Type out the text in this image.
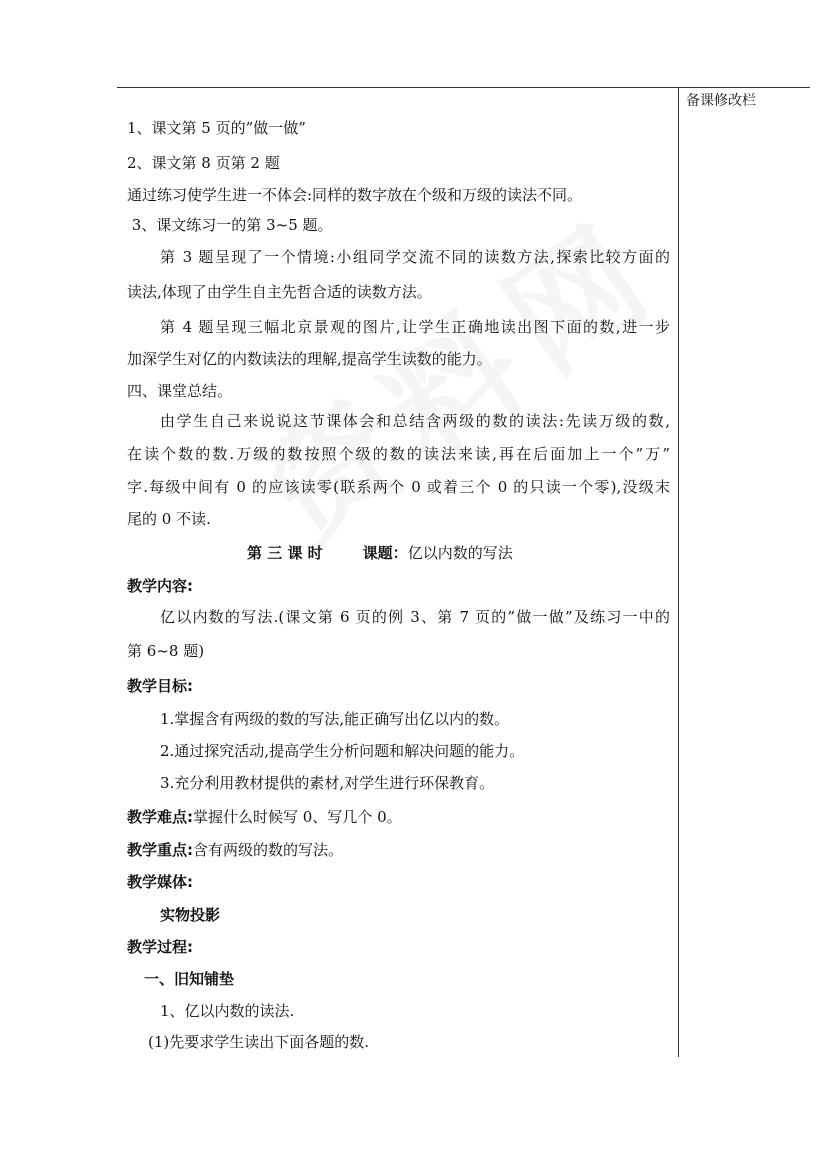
备课修改栏
1、课文第 5 页的”做一做”
2、课文第 8 页第 2 题
通过练习使学生进一不体会:同样的数字放在个级和万级的读法不同。
3、课文练习一的第 3~5 题。
第 3 题呈现了一个情境:小组同学交流不同的读数方法,探索比较方面的
读法,体现了由学生自主先哲合适的读数方法。
第 4 题呈现三幅北京景观的图片,让学生正确地读出图下面的数,进一步
加深学生对亿的内数读法的理解,提高学生读数的能力。
四、课堂总结。
由学生自己来说说这节课体会和总结含两级的数的读法:先读万级的数,
在读个数的数.万级的数按照个级的数的读法来读,再在后面加上一个”万”
字.每级中间有 0 的应该读零(联系两个 0 或着三个 0 的只读一个零),没级末
尾的 0 不读.
第 三 课 时	课题：亿以内数的写法
教学内容:
亿以内数的写法.(课文第 6 页的例 3、第 7 页的”做一做”及练习一中的
第 6~8 题)
教学目标:
1.掌握含有两级的数的写法,能正确写出亿以内的数。
2.通过探究活动,提高学生分析问题和解决问题的能力。
3.充分利用教材提供的素材,对学生进行环保教育。
教学难点:掌握什么时候写 0、写几个 0。
教学重点:含有两级的数的写法。
教学媒体:
实物投影
教学过程:
一、旧知铺垫
1、亿以内数的读法.
(1)先要求学生读出下面各题的数.
